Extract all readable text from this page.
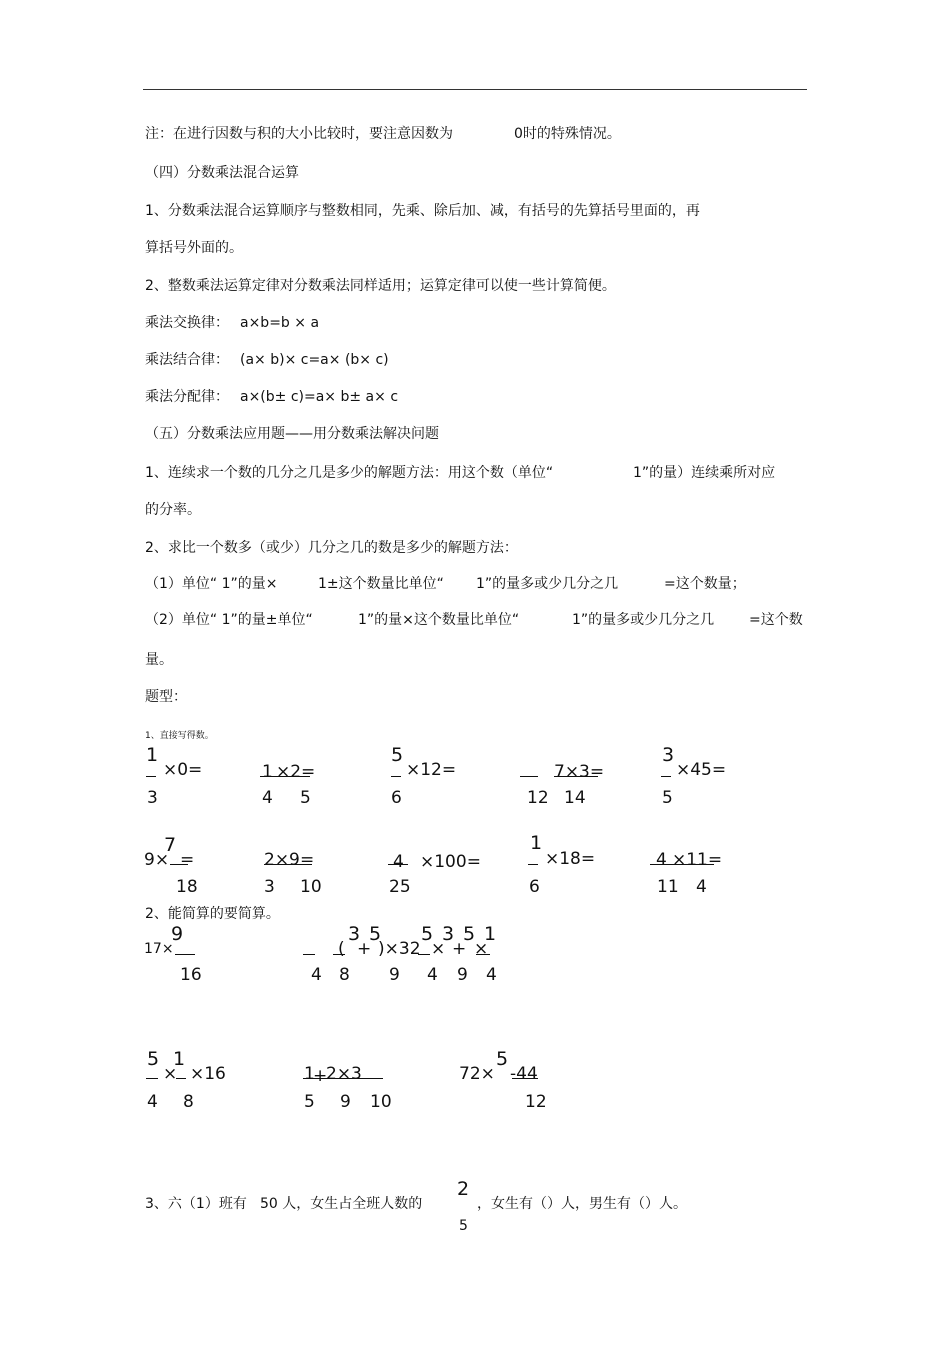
注：在进行因数与积的大小比较时，要注意因数为	0时的特殊情况。
（四）分数乘法混合运算
1、分数乘法混合运算顺序与整数相同，先乘、除后加、减，有括号的先算括号里面的，再
算括号外面的。
2、整数乘法运算定律对分数乘法同样适用；运算定律可以使一些计算简便。
乘法交换律： a×b=b × a
乘法结合律： (a× b)× c=a× (b× c)
乘法分配律： a×(b± c)=a× b± a× c
（五）分数乘法应用题——用分数乘法解决问题
1、连续求一个数的几分之几是多少的解题方法：用这个数（单位“	1”的量）连续乘所对应
的分率。
2、求比一个数多（或少）几分之几的数是多少的解题方法：
（1）单位“ 1”的量×	1±这个数量比单位“ 1”的量多或少几分之几	=这个数量；
（2）单位“ 1”的量±单位“	1”的量×这个数量比单位“	1”的量多或少几分之几 =这个数
量。
题型：
1、直接写得数。
1
×0=
3
1 ×2=
4 5
5
×12=
6
7×3=
12 14
3
×45=
5
9×
7
=
18
2×9 =
3 10
4 ×100=
25
1
×18=
6
4 ×11=
11 4
2、能简算的要简算。
17×
9
16
(
3 5
+ )×32
5 3 5 1
× + ×
4 8 9 4 9 4
5 1
× ×16
4 8
1
+
2×3
5 9 10
72×
5
-44
12
3、六（1）班有 50 人，女生占全班人数的
2
5
，女生有（）人，男生有（）人。
